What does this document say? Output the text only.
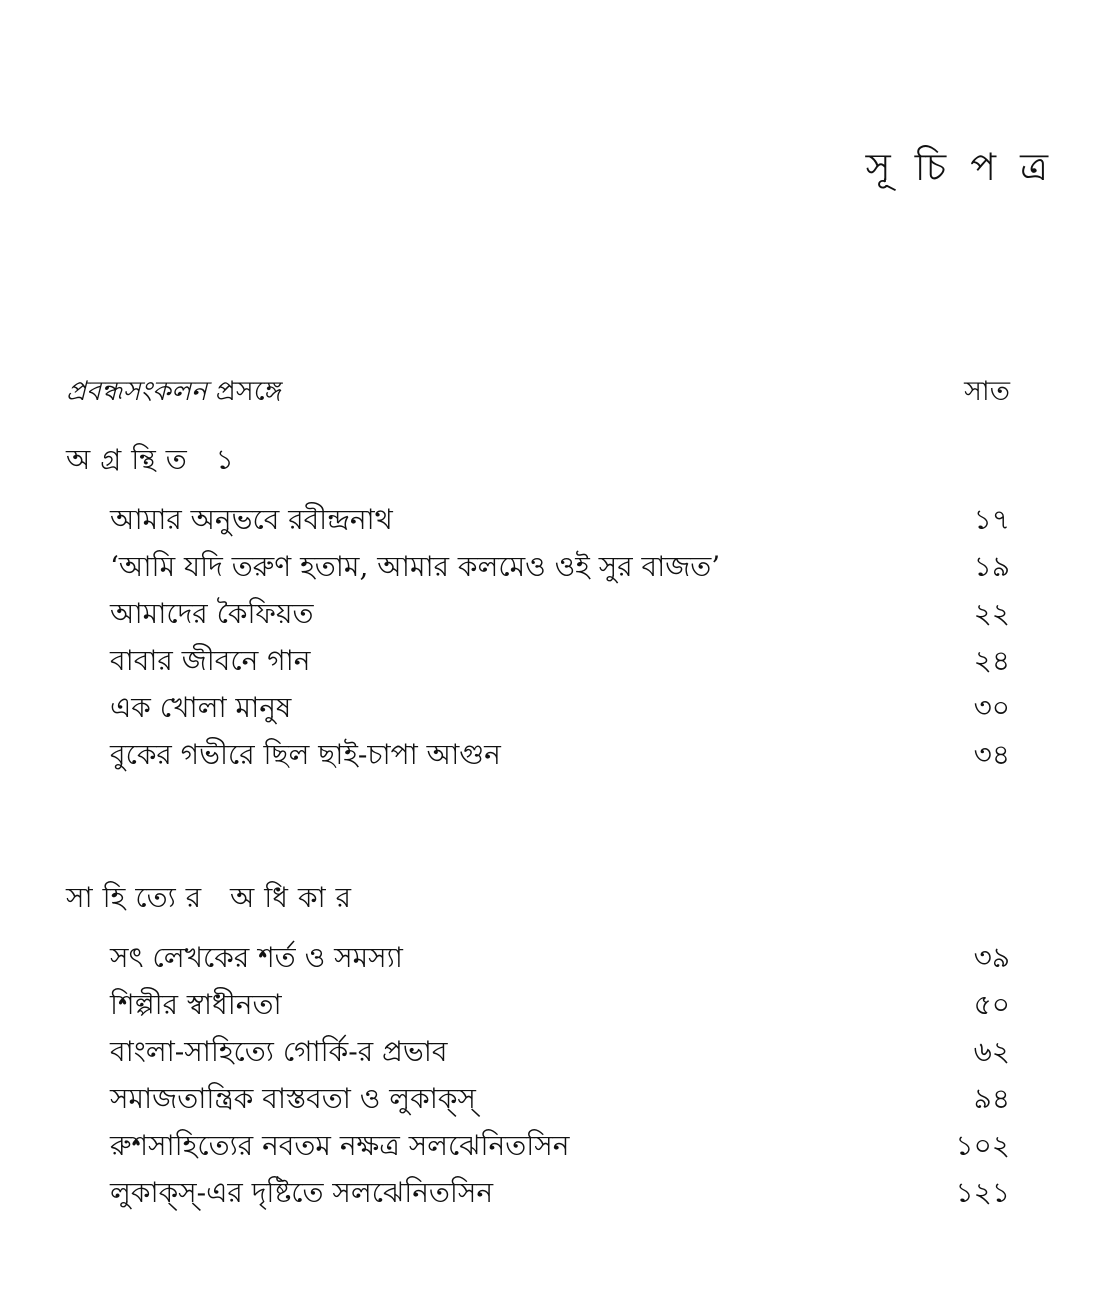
সূ চি প ত্র
প্রবন্ধসংকলন প্রসঙ্গে	সাত
অগ্রন্থিত ১
আমার অনুভবে রবীন্দ্রনাথ	১৭
‘আমি যদি তরুণ হতাম, আমার কলমেও ওই সুর বাজত’	১৯
আমাদের কৈফিয়ত	২২
বাবার জীবনে গান	২৪
এক খোলা মানুষ	৩০
বুকের গভীরে ছিল ছাই-চাপা আগুন	৩৪
সাহিত্যের অধিকার
সৎ লেখকের শর্ত ও সমস্যা	৩৯
শিল্পীর স্বাধীনতা	৫০
বাংলা-সাহিত্যে গোর্কি-র প্রভাব	৬২
সমাজতান্ত্রিক বাস্তবতা ও লুকাক্‌স্‌	৯৪
রুশসাহিত্যের নবতম নক্ষত্র সলঝেনিতসিন	১০২
লুকাক্‌স্‌-এর দৃষ্টিতে সলঝেনিতসিন	১২১
